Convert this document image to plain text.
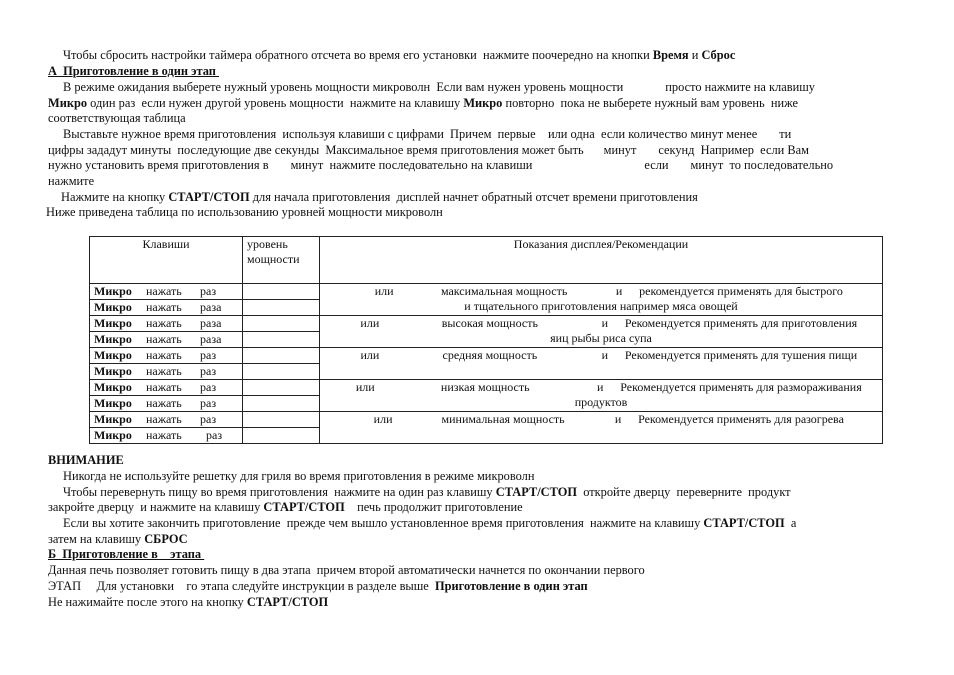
Чтобы сбросить настройки таймера обратного отсчета во время его установки  нажмите поочередно на кнопки Время и Сброс
А  Приготовление в один этап
В режиме ожидания выберете нужный уровень мощности микроволн  Если вам нужен уровень мощности	просто нажмите на клавишу
Микро один раз  если нужен другой уровень мощности  нажмите на клавишу Микро повторно  пока не выберете нужный вам уровень  ниже
соответствующая таблица
Выставьте нужное время приготовления  используя клавиши с цифрами  Причем  первые    или одна  если количество минут менее ти
цифры зададут минуты  последующие две секунды  Максимальное время приготовления может быть минут секунд  Например  если Вам
нужно установить время приготовления в минут  нажмите последовательно на клавиши	если минут  то последовательно
нажмите
Нажмите на кнопку СТАРТ/СТОП для начала приготовления  дисплей начнет обратный отсчет времени приготовления
Ниже приведена таблица по использованию уровней мощности микроволн
Клавиши	уровень
мощности	Показания дисплея/Рекомендации
Микро нажать раз		или максимальная мощность и рекомендуется применять для быстрого
и тщательного приготовления например мяса овощей
Микро нажать раза		
Микро нажать раза		или высокая мощность и Рекомендуется применять для приготовления
яиц рыбы риса супа
Микро нажать раза		
Микро нажать раз		или средняя мощность и Рекомендуется применять для тушения пищи

Микро нажать раз		
Микро нажать раз		или низкая мощность и Рекомендуется применять для размораживания
продуктов
Микро нажать раз		
Микро нажать раз		или минимальная мощность и Рекомендуется применять для разогрева

Микро нажать раз		
ВНИМАНИЕ
Никогда не используйте решетку для гриля во время приготовления в режиме микроволн
Чтобы перевернуть пищу во время приготовления  нажмите на один раз клавишу СТАРТ/СТОП  откройте дверцу  переверните  продукт
закройте дверцу  и нажмите на клавишу СТАРТ/СТОП    печь продолжит приготовление
Если вы хотите закончить приготовление  прежде чем вышло установленное время приготовления  нажмите на клавишу СТАРТ/СТОП  а
затем на клавишу СБРОС
Б  Приготовление в    этапа
Данная печь позволяет готовить пищу в два этапа  причем второй автоматически начнется по окончании первого
ЭТАП     Для установки    го этапа следуйте инструкции в разделе выше  Приготовление в один этап
Не нажимайте после этого на кнопку СТАРТ/СТОП
